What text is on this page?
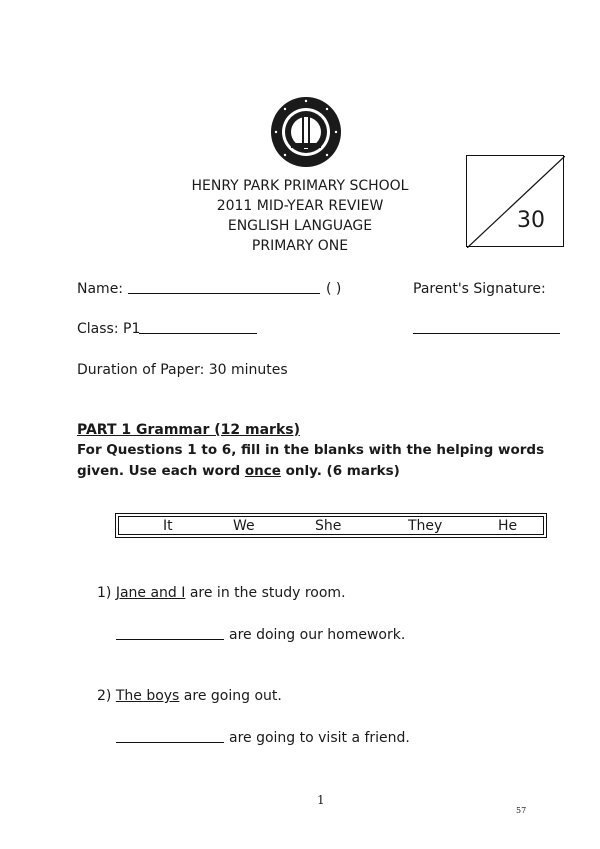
HENRY PARK PRIMARY SCHOOL
2011 MID-YEAR REVIEW
ENGLISH LANGUAGE
PRIMARY ONE
30
Name:	( )	Parent's Signature:
Class: P1
Duration of Paper: 30 minutes
PART 1 Grammar (12 marks)
For Questions 1 to 6, fill in the blanks with the helping words
given. Use each word once only. (6 marks)
It	We	She	They	He
1) Jane and I are in the study room.
are doing our homework.
2) The boys are going out.
are going to visit a friend.
1
57
